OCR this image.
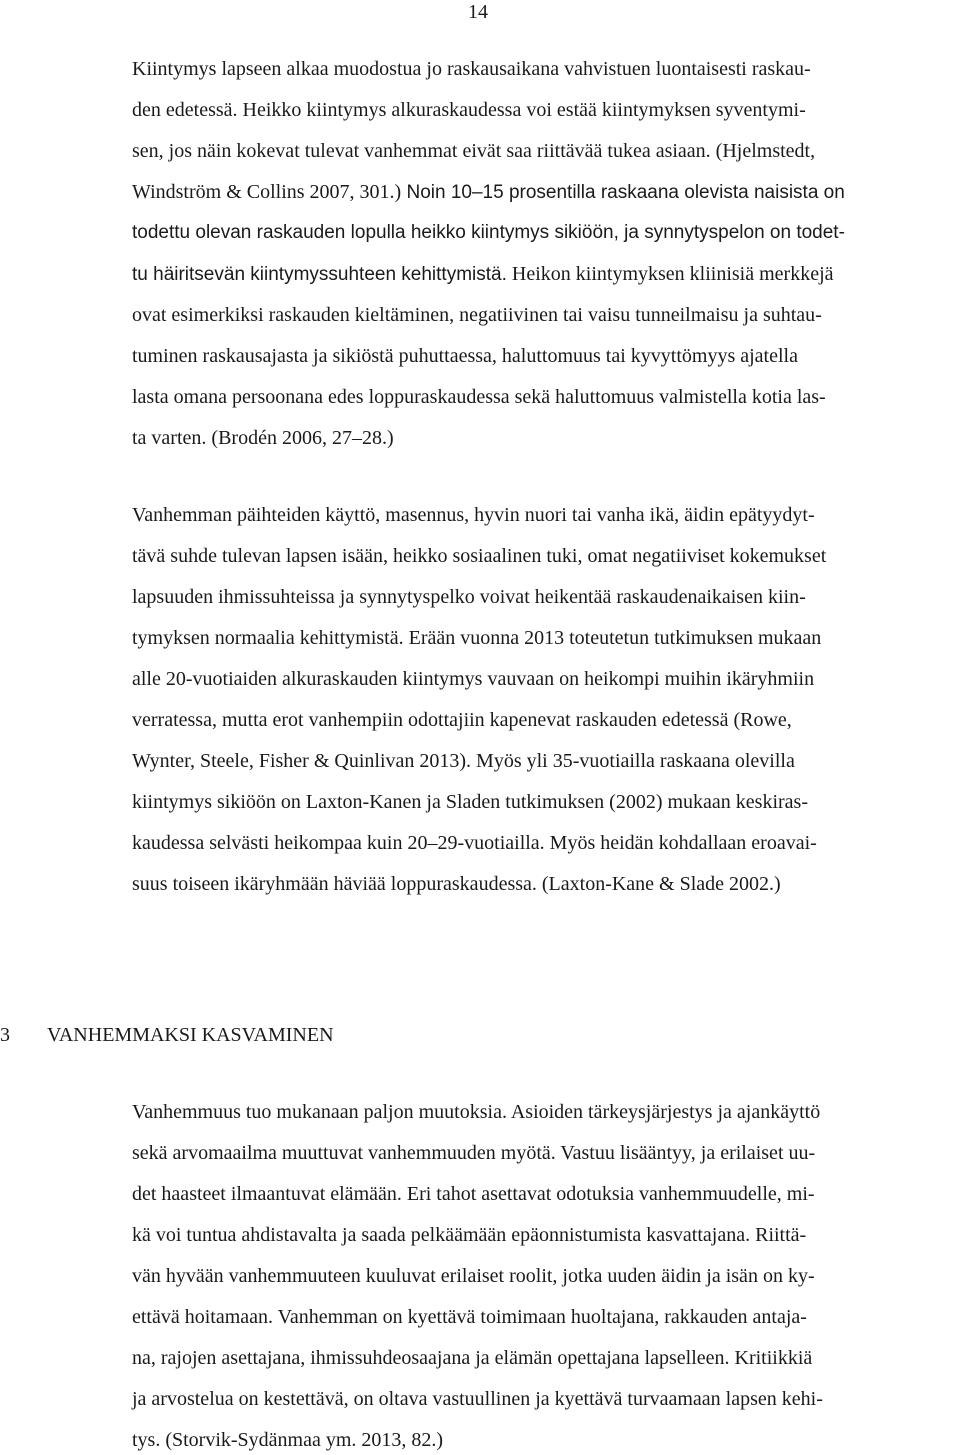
14
Kiintymys lapseen alkaa muodostua jo raskausaikana vahvistuen luontaisesti raskau-
den edetessä. Heikko kiintymys alkuraskaudessa voi estää kiintymyksen syventymi-
sen, jos näin kokevat tulevat vanhemmat eivät saa riittävää tukea asiaan. (Hjelmstedt,
Windström & Collins 2007, 301.) Noin 10–15 prosentilla raskaana olevista naisista on
todettu olevan raskauden lopulla heikko kiintymys sikiöön, ja synnytyspelon on todet-
tu häiritsevän kiintymyssuhteen kehittymistä. Heikon kiintymyksen kliinisiä merkkejä
ovat esimerkiksi raskauden kieltäminen, negatiivinen tai vaisu tunneilmaisu ja suhtau-
tuminen raskausajasta ja sikiöstä puhuttaessa, haluttomuus tai kyvyttömyys ajatella
lasta omana persoonana edes loppuraskaudessa sekä haluttomuus valmistella kotia las-
ta varten. (Brodén 2006, 27–28.)
Vanhemman päihteiden käyttö, masennus, hyvin nuori tai vanha ikä, äidin epätyydyt-
tävä suhde tulevan lapsen isään, heikko sosiaalinen tuki, omat negatiiviset kokemukset
lapsuuden ihmissuhteissa ja synnytyspelko voivat heikentää raskaudenaikaisen kiin-
tymyksen normaalia kehittymistä. Erään vuonna 2013 toteutetun tutkimuksen mukaan
alle 20-vuotiaiden alkuraskauden kiintymys vauvaan on heikompi muihin ikäryhmiin
verratessa, mutta erot vanhempiin odottajiin kapenevat raskauden edetessä (Rowe,
Wynter, Steele, Fisher & Quinlivan 2013). Myös yli 35-vuotiailla raskaana olevilla
kiintymys sikiöön on Laxton-Kanen ja Sladen tutkimuksen (2002) mukaan keskiras-
kaudessa selvästi heikompaa kuin 20–29-vuotiailla. Myös heidän kohdallaan eroavai-
suus toiseen ikäryhmään häviää loppuraskaudessa. (Laxton-Kane & Slade 2002.)
3 VANHEMMAKSI KASVAMINEN
Vanhemmuus tuo mukanaan paljon muutoksia. Asioiden tärkeysjärjestys ja ajankäyttö
sekä arvomaailma muuttuvat vanhemmuuden myötä. Vastuu lisääntyy, ja erilaiset uu-
det haasteet ilmaantuvat elämään. Eri tahot asettavat odotuksia vanhemmuudelle, mi-
kä voi tuntua ahdistavalta ja saada pelkäämään epäonnistumista kasvattajana. Riittä-
vän hyvään vanhemmuuteen kuuluvat erilaiset roolit, jotka uuden äidin ja isän on ky-
ettävä hoitamaan. Vanhemman on kyettävä toimimaan huoltajana, rakkauden antaja-
na, rajojen asettajana, ihmissuhdeosaajana ja elämän opettajana lapselleen. Kritiikkiä
ja arvostelua on kestettävä, on oltava vastuullinen ja kyettävä turvaamaan lapsen kehi-
tys. (Storvik-Sydänmaa ym. 2013, 82.)
